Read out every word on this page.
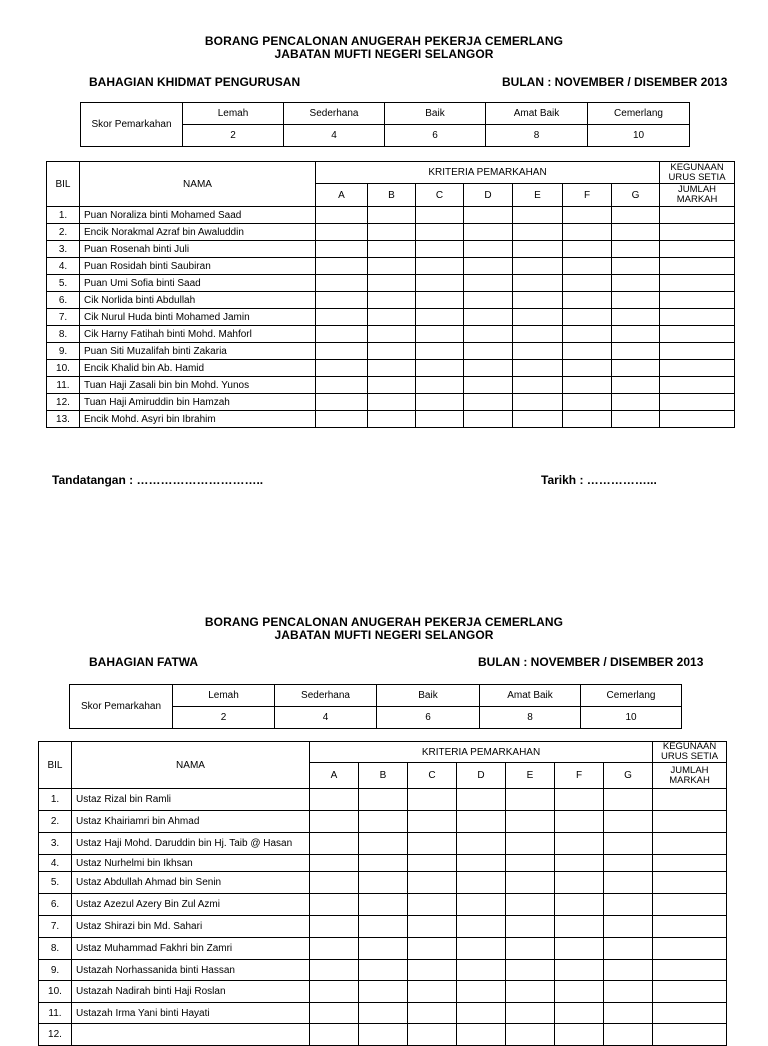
BORANG PENCALONAN ANUGERAH PEKERJA CEMERLANG
JABATAN MUFTI NEGERI SELANGOR
BAHAGIAN KHIDMAT PENGURUSAN	BULAN : NOVEMBER / DISEMBER 2013
Skor Pemarkahan	Lemah	Sederhana	Baik	Amat Baik	Cemerlang
	2	4	6	8	10
BIL	NAMA	KRITERIA PEMARKAHAN							KEGUNAAN URUS SETIA
		A	B	C	D	E	F	G	JUMLAH MARKAH
1.	Puan Noraliza binti Mohamed Saad								
2.	Encik Norakmal Azraf bin Awaluddin								
3.	Puan Rosenah binti Juli								
4.	Puan Rosidah binti Saubiran								
5.	Puan Umi Sofia binti Saad								
6.	Cik Norlida binti Abdullah								
7.	Cik Nurul Huda binti Mohamed Jamin								
8.	Cik Harny Fatihah binti Mohd. Mahforl								
9.	Puan Siti Muzalifah binti Zakaria								
10.	Encik Khalid bin Ab. Hamid								
11.	Tuan Haji Zasali bin bin Mohd. Yunos								
12.	Tuan Haji Amiruddin bin Hamzah								
13.	Encik Mohd. Asyri bin Ibrahim								
Tandatangan : …………………………..	Tarikh : ……………...
BORANG PENCALONAN ANUGERAH PEKERJA CEMERLANG
JABATAN MUFTI NEGERI SELANGOR
BAHAGIAN FATWA	BULAN : NOVEMBER / DISEMBER 2013
Skor Pemarkahan	Lemah	Sederhana	Baik	Amat Baik	Cemerlang
	2	4	6	8	10
BIL	NAMA	KRITERIA PEMARKAHAN							KEGUNAAN URUS SETIA
		A	B	C	D	E	F	G	JUMLAH MARKAH
1.	Ustaz Rizal bin Ramli								
2.	Ustaz Khairiamri bin Ahmad								
3.	Ustaz Haji Mohd. Daruddin bin Hj. Taib @ Hasan								
4.	Ustaz Nurhelmi bin Ikhsan								
5.	Ustaz Abdullah Ahmad bin Senin								
6.	Ustaz Azezul Azery Bin Zul Azmi								
7.	Ustaz Shirazi bin Md. Sahari								
8.	Ustaz Muhammad Fakhri bin Zamri								
9.	Ustazah Norhassanida binti Hassan								
10.	Ustazah Nadirah binti Haji Roslan								
11.	Ustazah Irma Yani binti Hayati								
12.									
